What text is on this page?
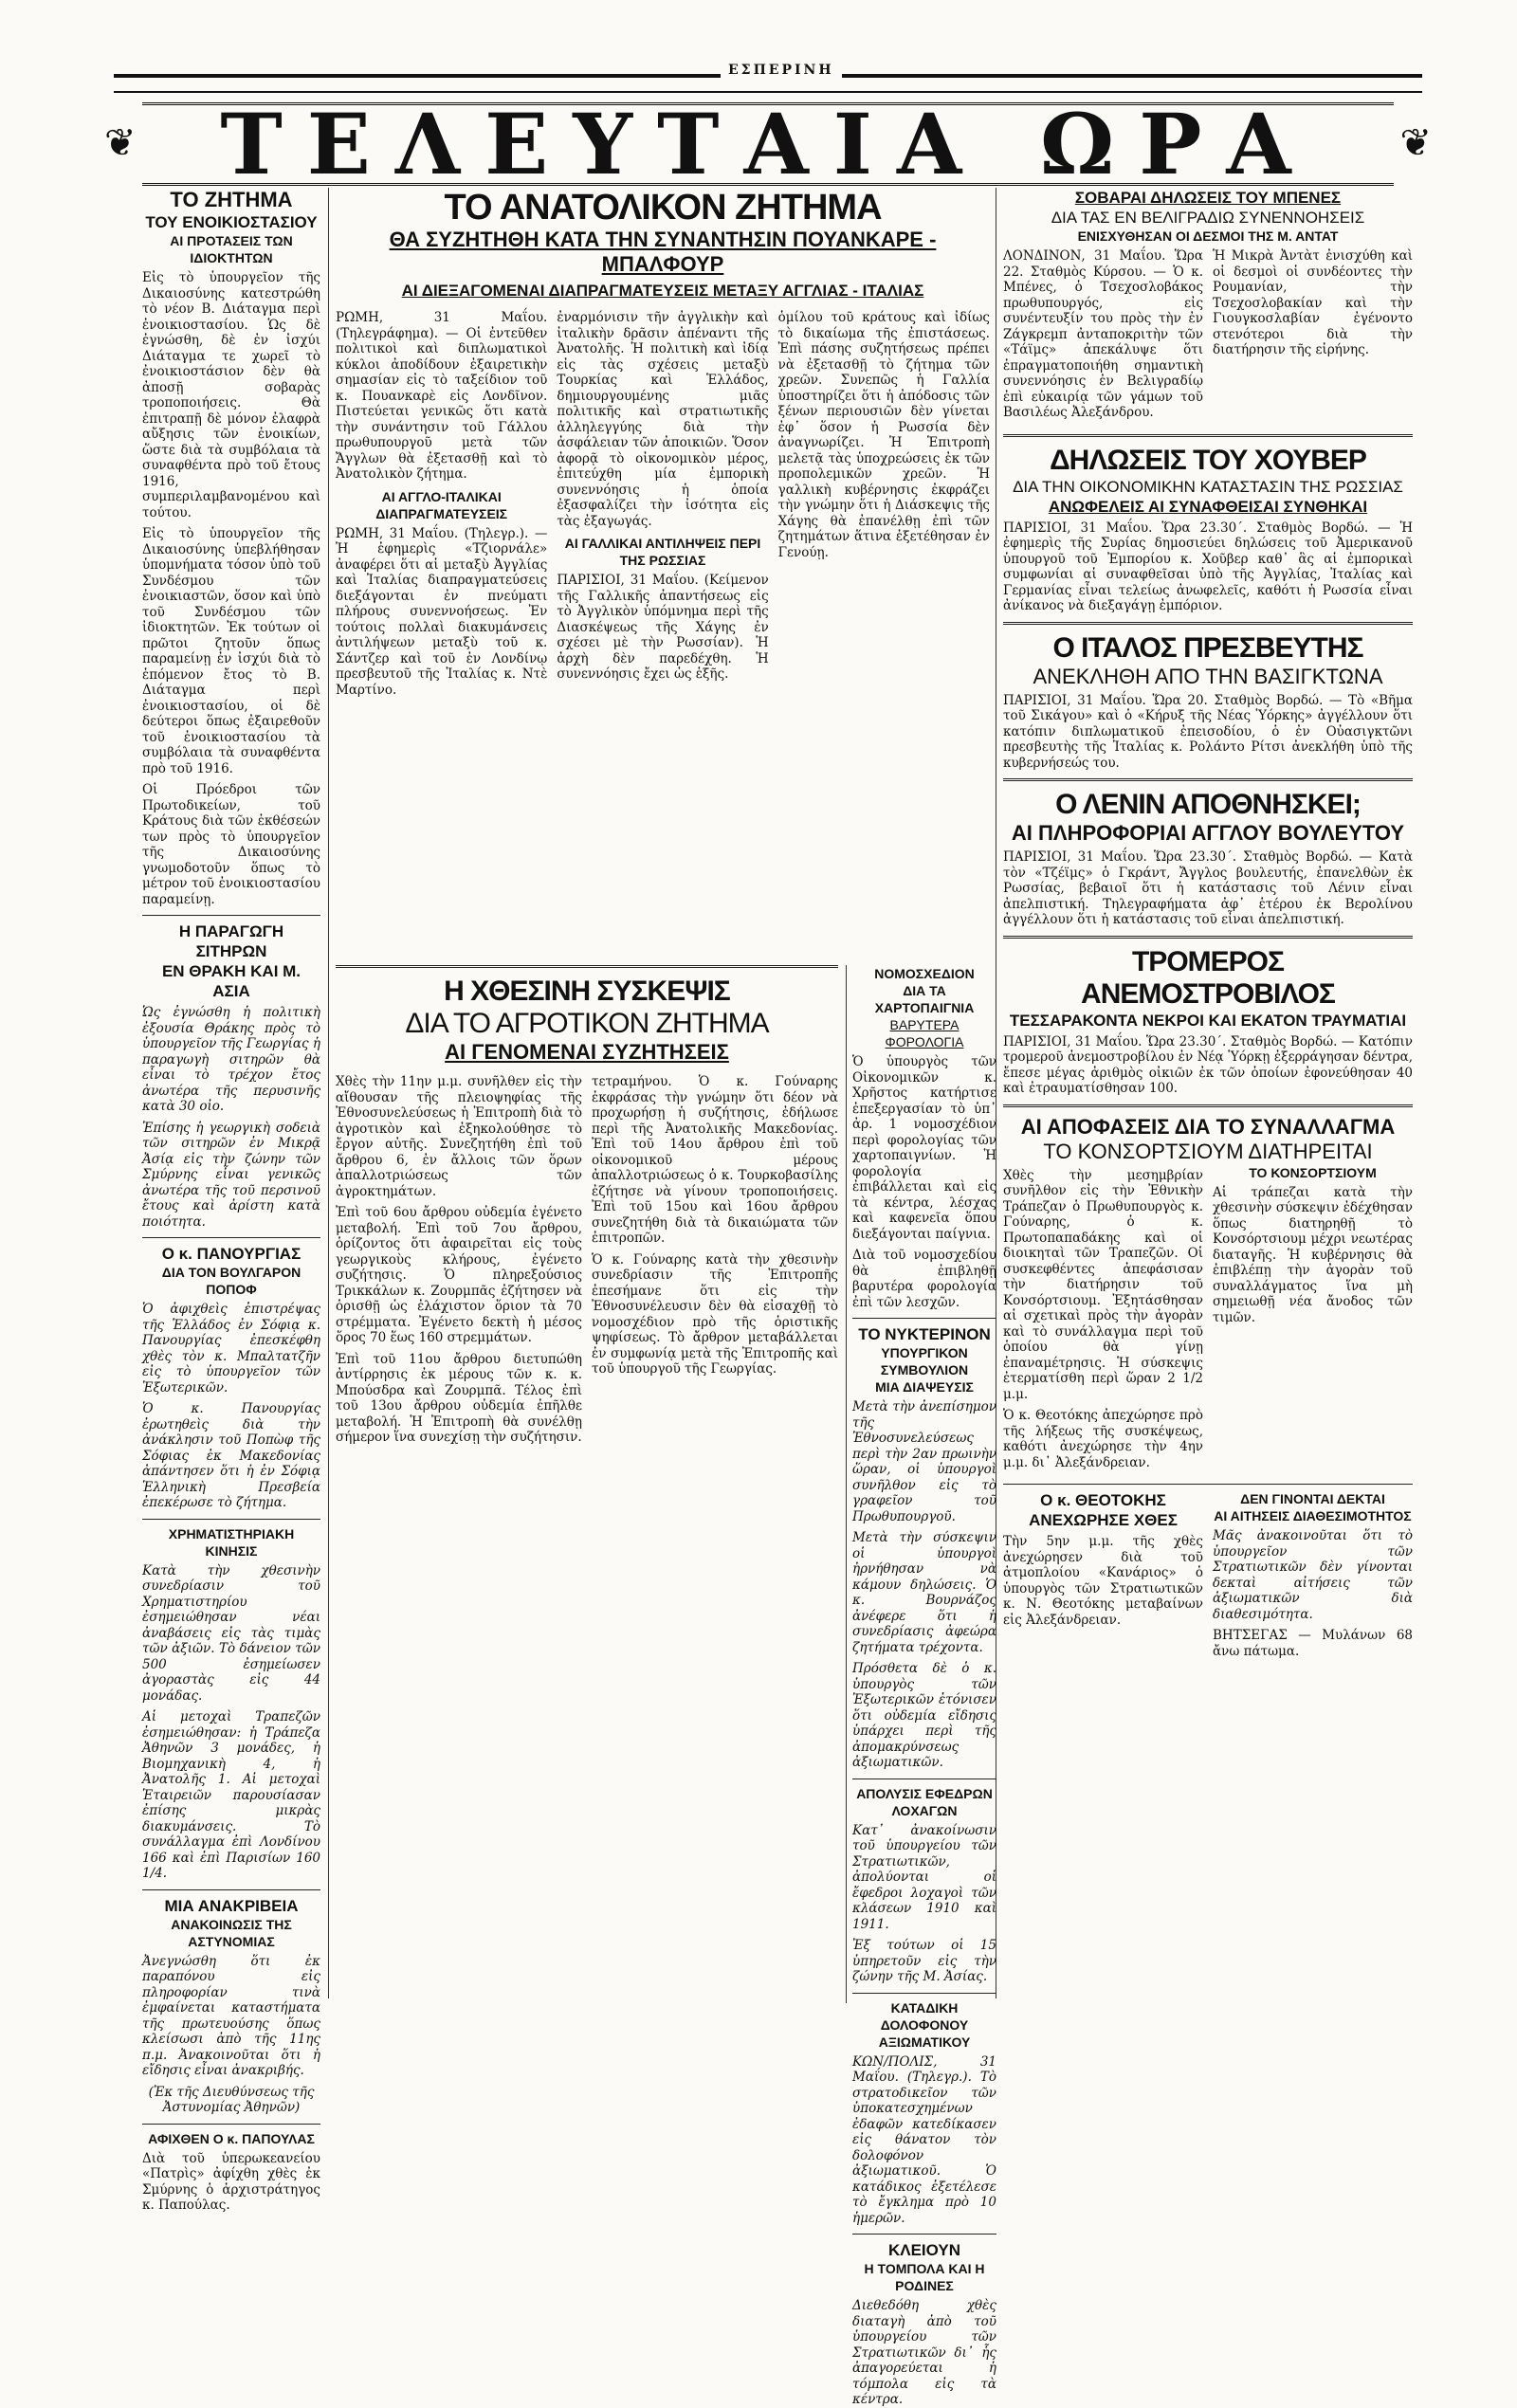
ΕΣΠΕΡΙΝΗ
❦	ΤΕΛΕΥΤΑΙΑ ΩΡΑ	❦
ΤΟ ΖΗΤΗΜΑ
ΤΟΥ ΕΝΟΙΚΙΟΣΤΑΣΙΟΥ
ΑΙ ΠΡΟΤΑΣΕΙΣ ΤΩΝ ΙΔΙΟΚΤΗΤΩΝ

Εἰς τὸ ὑπουργεῖον τῆς Δικαιοσύνης κατεστρώθη τὸ νέον Β. Διάταγμα περὶ ἐνοικιοστασίου. Ὡς δὲ ἐγνώσθη, δὲ ἐν ἰσχύι Διάταγμα τε χωρεῖ τὸ ἐνοικιοστάσιον δὲν θὰ ἀποσῇ σοβαρὰς τροποποιήσεις. Θὰ ἐπιτραπῇ δὲ μόνον ἐλαφρὰ αὔξησις τῶν ἐνοικίων, ὥστε διὰ τὰ συμβόλαια τὰ συναφθέντα πρὸ τοῦ ἔτους 1916, συμπεριλαμβανομένου καὶ τούτου.

Εἰς τὸ ὑπουργεῖον τῆς Δικαιοσύνης ὑπεβλήθησαν ὑπομνήματα τόσον ὑπὸ τοῦ Συνδέσμου τῶν ἐνοικιαστῶν, ὅσον καὶ ὑπὸ τοῦ Συνδέσμου τῶν ἰδιοκτητῶν. Ἐκ τούτων οἱ πρῶτοι ζητοῦν ὅπως παραμείνῃ ἐν ἰσχύι διὰ τὸ ἑπόμενον ἔτος τὸ Β. Διάταγμα περὶ ἐνοικιοστασίου, οἱ δὲ δεύτεροι ὅπως ἐξαιρεθοῦν τοῦ ἐνοικιοστασίου τὰ συμβόλαια τὰ συναφθέντα πρὸ τοῦ 1916.

Οἱ Πρόεδροι τῶν Πρωτοδικείων, τοῦ Κράτους διὰ τῶν ἐκθέσεών των πρὸς τὸ ὑπουργεῖον τῆς Δικαιοσύνης γνωμοδοτοῦν ὅπως τὸ μέτρον τοῦ ἐνοικιοστασίου παραμείνῃ.

Η ΠΑΡΑΓΩΓΗ ΣΙΤΗΡΩΝ
ΕΝ ΘΡΑΚΗ ΚΑΙ Μ. ΑΣΙΑ

Ὡς ἐγνώσθη ἡ πολιτικὴ ἐξουσία Θράκης πρὸς τὸ ὑπουργεῖον τῆς Γεωργίας ἡ παραγωγὴ σιτηρῶν θὰ εἶναι τὸ τρέχον ἔτος ἀνωτέρα τῆς περυσινῆς κατὰ 30 οἰο.

Ἐπίσης ἡ γεωργικὴ σοδειὰ τῶν σιτηρῶν ἐν Μικρᾷ Ἀσίᾳ εἰς τὴν ζώνην τῶν Σμύρνης εἶναι γενικῶς ἀνωτέρα τῆς τοῦ περσινοῦ ἔτους καὶ ἀρίστη κατὰ ποιότητα.

Ο κ. ΠΑΝΟΥΡΓΙΑΣ
ΔΙΑ ΤΟΝ ΒΟΥΛΓΑΡΟΝ ΠΟΠΟΦ

Ὁ ἀφιχθεὶς ἐπιστρέψας τῆς Ἑλλάδος ἐν Σόφιᾳ κ. Πανουργίας ἐπεσκέφθη χθὲς τὸν κ. Μπαλτατζῆν εἰς τὸ ὑπουργεῖον τῶν Ἐξωτερικῶν.

Ὁ κ. Πανουργίας ἐρωτηθεὶς διὰ τὴν ἀνάκλησιν τοῦ Ποπὼφ τῆς Σόφιας ἐκ Μακεδονίας ἀπάντησεν ὅτι ἡ ἐν Σόφιᾳ Ἑλληνικὴ Πρεσβεία ἐπεκέρωσε τὸ ζήτημα.

ΧΡΗΜΑΤΙΣΤΗΡΙΑΚΗ ΚΙΝΗΣΙΣ

Κατὰ τὴν χθεσινὴν συνεδρίασιν τοῦ Χρηματιστηρίου ἐσημειώθησαν νέαι ἀναβάσεις εἰς τὰς τιμὰς τῶν ἀξιῶν. Τὸ δάνειον τῶν 500 ἐσημείωσεν ἀγοραστὰς εἰς 44 μονάδας.

Αἱ μετοχαὶ Τραπεζῶν ἐσημειώθησαν: ἡ Τράπεζα Ἀθηνῶν 3 μονάδες, ἡ Βιομηχανικὴ 4, ἡ Ἀνατολῆς 1. Αἱ μετοχαὶ Ἑταιρειῶν παρουσίασαν ἐπίσης μικρὰς διακυμάνσεις. Τὸ συνάλλαγμα ἐπὶ Λονδίνου 166 καὶ ἐπὶ Παρισίων 160 1/4.

ΜΙΑ ΑΝΑΚΡΙΒΕΙΑ
ΑΝΑΚΟΙΝΩΣΙΣ ΤΗΣ ΑΣΤΥΝΟΜΙΑΣ

Ἀνεγνώσθη ὅτι ἐκ παραπόνου εἰς πληροφορίαν τινὰ ἐμφαίνεται καταστήματα τῆς πρωτευούσης ὅπως κλείσωσι ἀπὸ τῆς 11ης π.μ. Ἀνακοινοῦται ὅτι ἡ εἴδησις εἶναι ἀνακριβής.

(Ἐκ τῆς Διευθύνσεως τῆς Ἀστυνομίας Ἀθηνῶν)

ΑΦΙΧΘΕΝ Ο κ. ΠΑΠΟΥΛΑΣ

Διὰ τοῦ ὑπερωκεανείου «Πατρὶς» ἀφίχθη χθὲς ἐκ Σμύρνης ὁ ἀρχιστράτηγος κ. Παπούλας.

ΤΟ ΑΝΑΤΟΛΙΚΟΝ ΖΗΤΗΜΑ
ΘΑ ΣΥΖΗΤΗΘΗ ΚΑΤΑ ΤΗΝ ΣΥΝΑΝΤΗΣΙΝ ΠΟΥΑΝΚΑΡΕ - ΜΠΑΛΦΟΥΡ
ΑΙ ΔΙΕΞΑΓΟΜΕΝΑΙ ΔΙΑΠΡΑΓΜΑΤΕΥΣΕΙΣ ΜΕΤΑΞΥ ΑΓΓΛΙΑΣ - ΙΤΑΛΙΑΣ

ΡΩΜΗ, 31 Μαΐου. (Τηλεγράφημα). — Οἱ ἐντεῦθεν πολιτικοὶ καὶ διπλωματικοὶ κύκλοι ἀποδίδουν ἐξαιρετικὴν σημασίαν εἰς τὸ ταξείδιον τοῦ κ. Πουανκαρὲ εἰς Λονδῖνον. Πιστεύεται γενικῶς ὅτι κατὰ τὴν συνάντησιν τοῦ Γάλλου πρωθυπουργοῦ μετὰ τῶν Ἄγγλων θὰ ἐξετασθῇ καὶ τὸ Ἀνατολικὸν ζήτημα.

ΑΙ ΑΓΓΛΟ-ΙΤΑΛΙΚΑΙ ΔΙΑΠΡΑΓΜΑΤΕΥΣΕΙΣ

ΡΩΜΗ, 31 Μαΐου. (Τηλεγρ.). — Ἡ ἐφημερὶς «Τζιορνάλε» ἀναφέρει ὅτι αἱ μεταξὺ Ἀγγλίας καὶ Ἰταλίας διαπραγματεύσεις διεξάγονται ἐν πνεύματι πλήρους συνεννοήσεως. Ἐν τούτοις πολλαὶ διακυμάνσεις ἀντιλήψεων μεταξὺ τοῦ κ. Σάντζερ καὶ τοῦ ἐν Λονδίνῳ πρεσβευτοῦ τῆς Ἰταλίας κ. Ντὲ Μαρτίνο.

ἐναρμόνισιν τῆν ἀγγλικὴν καὶ ἰταλικὴν δρᾶσιν ἀπέναντι τῆς Ἀνατολῆς. Ἡ πολιτικὴ καὶ ἰδίᾳ εἰς τὰς σχέσεις μεταξὺ Τουρκίας καὶ Ἑλλάδος, δημιουργουμένης μιᾶς πολιτικῆς καὶ στρατιωτικῆς ἀλληλεγγύης διὰ τὴν ἀσφάλειαν τῶν ἀποικιῶν. Ὅσον ἀφορᾷ τὸ οἰκονομικὸν μέρος, ἐπιτεύχθη μία ἐμπορικὴ συνεννόησις ἡ ὁποία ἐξασφαλίζει τὴν ἰσότητα εἰς τὰς ἐξαγωγάς.

ΑΙ ΓΑΛΛΙΚΑΙ ΑΝΤΙΛΗΨΕΙΣ ΠΕΡΙ ΤΗΣ ΡΩΣΣΙΑΣ

ΠΑΡΙΣΙΟΙ, 31 Μαΐου. (Κείμενον τῆς Γαλλικῆς ἀπαντήσεως εἰς τὸ Ἀγγλικὸν ὑπόμνημα περὶ τῆς Διασκέψεως τῆς Χάγης ἐν σχέσει μὲ τὴν Ρωσσίαν). Ἡ ἀρχὴ δὲν παρεδέχθη. Ἡ συνεννόησις ἔχει ὡς ἑξῆς.

ὁμίλου τοῦ κράτους καὶ ἰδίως τὸ δικαίωμα τῆς ἐπιστάσεως. Ἐπὶ πάσης συζητήσεως πρέπει νὰ ἐξετασθῇ τὸ ζήτημα τῶν χρεῶν. Συνεπῶς ἡ Γαλλία ὑποστηρίζει ὅτι ἡ ἀπόδοσις τῶν ξένων περιουσιῶν δὲν γίνεται ἐφ᾽ ὅσον ἡ Ρωσσία δὲν ἀναγνωρίζει. Ἡ Ἑπιτροπὴ μελετᾷ τὰς ὑποχρεώσεις ἐκ τῶν προπολεμικῶν χρεῶν. Ἡ γαλλικὴ κυβέρνησις ἐκφράζει τὴν γνώμην ὅτι ἡ Διάσκεψις τῆς Χάγης θὰ ἐπανέλθῃ ἐπὶ τῶν ζητημάτων ἅτινα ἐξετέθησαν ἐν Γενούῃ.

Η ΧΘΕΣΙΝΗ ΣΥΣΚΕΨΙΣ
ΔΙΑ ΤΟ ΑΓΡΟΤΙΚΟΝ ΖΗΤΗΜΑ
ΑΙ ΓΕΝΟΜΕΝΑΙ ΣΥΖΗΤΗΣΕΙΣ

Χθὲς τὴν 11ην μ.μ. συνῆλθεν εἰς τὴν αἴθουσαν τῆς πλειοψηφίας τῆς Ἐθνοσυνελεύσεως ἡ Ἐπιτροπὴ διὰ τὸ ἀγροτικὸν καὶ ἐξηκολούθησε τὸ ἔργον αὐτῆς. Συνεζητήθη ἐπὶ τοῦ ἄρθρου 6, ἐν ἄλλοις τῶν ὅρων ἀπαλλοτριώσεως τῶν ἀγροκτημάτων.

Ἐπὶ τοῦ 6ου ἄρθρου οὐδεμία ἐγένετο μεταβολή. Ἐπὶ τοῦ 7ου ἄρθρου, ὁρίζοντος ὅτι ἀφαιρεῖται εἰς τοὺς γεωργικοὺς κλήρους, ἐγένετο συζήτησις. Ὁ πληρεξούσιος Τρικκάλων κ. Ζουρμπᾶς ἐζήτησεν νὰ ὁρισθῇ ὡς ἐλάχιστον ὅριον τὰ 70 στρέμματα. Ἐγένετο δεκτὴ ἡ μέσος ὅρος 70 ἕως 160 στρεμμάτων.

Ἐπὶ τοῦ 11ου ἄρθρου διετυπώθη ἀντίρρησις ἐκ μέρους τῶν κ. κ. Μπούσδρα καὶ Ζουρμπᾶ. Τέλος ἐπὶ τοῦ 13ου ἄρθρου οὐδεμία ἐπῆλθε μεταβολή. Ἡ Ἐπιτροπὴ θὰ συνέλθῃ σήμερον ἵνα συνεχίσῃ τὴν συζήτησιν.

τετραμήνου. Ὁ κ. Γούναρης ἐκφράσας τὴν γνώμην ὅτι δέον νὰ προχωρήσῃ ἡ συζήτησις, ἐδήλωσε περὶ τῆς Ἀνατολικῆς Μακεδονίας. Ἐπὶ τοῦ 14ου ἄρθρου ἐπὶ τοῦ οἰκονομικοῦ μέρους ἀπαλλοτριώσεως ὁ κ. Τουρκοβασίλης ἐζήτησε νὰ γίνουν τροποποιήσεις. Ἐπὶ τοῦ 15ου καὶ 16ου ἄρθρου συνεζητήθη διὰ τὰ δικαιώματα τῶν ἐπιτροπῶν.

Ὁ κ. Γούναρης κατὰ τὴν χθεσινὴν συνεδρίασιν τῆς Ἐπιτροπῆς ἐπεσήμανε ὅτι εἰς τὴν Ἐθνοσυνέλευσιν δὲν θὰ εἰσαχθῇ τὸ νομοσχέδιον πρὸ τῆς ὁριστικῆς ψηφίσεως. Τὸ ἄρθρον μεταβάλλεται ἐν συμφωνίᾳ μετὰ τῆς Ἐπιτροπῆς καὶ τοῦ ὑπουργοῦ τῆς Γεωργίας.

ΝΟΜΟΣΧΕΔΙΟΝ
ΔΙΑ ΤΑ ΧΑΡΤΟΠΑΙΓΝΙΑ
ΒΑΡΥΤΕΡΑ ΦΟΡΟΛΟΓΙΑ

Ὁ ὑπουργὸς τῶν Οἰκονομικῶν κ. Χρῆστος κατήρτισε ἐπεξεργασίαν τὸ ὑπ᾽ ἀρ. 1 νομοσχέδιον περὶ φορολογίας τῶν χαρτοπαιγνίων. Ἡ φορολογία ἐπιβάλλεται καὶ εἰς τὰ κέντρα, λέσχας καὶ καφενεῖα ὅπου διεξάγονται παίγνια.

Διὰ τοῦ νομοσχεδίου θὰ ἐπιβληθῇ βαρυτέρα φορολογία ἐπὶ τῶν λεσχῶν.

ΤΟ ΝΥΚΤΕΡΙΝΟΝ
ΥΠΟΥΡΓΙΚΟΝ ΣΥΜΒΟΥΛΙΟΝ
ΜΙΑ ΔΙΑΨΕΥΣΙΣ

Μετὰ τὴν ἀνεπίσημον τῆς Ἐθνοσυνελεύσεως περὶ τὴν 2αν πρωινὴν ὥραν, οἱ ὑπουργοὶ συνῆλθον εἰς τὸ γραφεῖον τοῦ Πρωθυπουργοῦ.

Μετὰ τὴν σύσκεψιν οἱ ὑπουργοὶ ἠρνήθησαν νὰ κάμουν δηλώσεις. Ὁ κ. Βουρνάζος ἀνέφερε ὅτι ἡ συνεδρίασις ἀφεώρα ζητήματα τρέχοντα.

Πρόσθετα δὲ ὁ κ. ὑπουργὸς τῶν Ἐξωτερικῶν ἐτόνισεν ὅτι οὐδεμία εἴδησις ὑπάρχει περὶ τῆς ἀπομακρύνσεως ἀξιωματικῶν.

ΑΠΟΛΥΣΙΣ ΕΦΕΔΡΩΝ ΛΟΧΑΓΩΝ

Κατ᾽ ἀνακοίνωσιν τοῦ ὑπουργείου τῶν Στρατιωτικῶν, ἀπολύονται οἱ ἔφεδροι λοχαγοὶ τῶν κλάσεων 1910 καὶ 1911.

Ἐξ τούτων οἱ 15 ὑπηρετοῦν εἰς τὴν ζώνην τῆς Μ. Ἀσίας.

ΚΑΤΑΔΙΚΗ
ΔΟΛΟΦΟΝΟΥ ΑΞΙΩΜΑΤΙΚΟΥ

ΚΩΝ/ΠΟΛΙΣ, 31 Μαΐου. (Τηλεγρ.). Τὸ στρατοδικεῖον τῶν ὑποκατεσχημένων ἐδαφῶν κατεδίκασεν εἰς θάνατον τὸν δολοφόνον ἀξιωματικοῦ. Ὁ κατάδικος ἐξετέλεσε τὸ ἔγκλημα πρὸ 10 ἡμερῶν.

ΚΛΕΙΟΥΝ
Η ΤΟΜΠΟΛΑ ΚΑΙ Η ΡΟΔΙΝΕΣ

Διεθεδόθη χθὲς διαταγὴ ἀπὸ τοῦ ὑπουργείου τῶν Στρατιωτικῶν δι᾽ ἧς ἀπαγορεύεται ἡ τόμπολα εἰς τὰ κέντρα.

ΣΟΒΑΡΑΙ ΔΗΛΩΣΕΙΣ ΤΟΥ ΜΠΕΝΕΣ
ΔΙΑ ΤΑΣ ΕΝ ΒΕΛΙΓΡΑΔΙΩ ΣΥΝΕΝΝΟΗΣΕΙΣ
ΕΝΙΣΧΥΘΗΣΑΝ ΟΙ ΔΕΣΜΟΙ ΤΗΣ Μ. ΑΝΤΑΤ

ΛΟΝΔΙΝΟΝ, 31 Μαΐου. Ὥρα 22. Σταθμὸς Κύρσου. — Ὁ κ. Μπένες, ὁ Τσεχοσλοβάκος πρωθυπουργός, εἰς συνέντευξίν του πρὸς τὴν ἐν Ζάγκρεμπ ἀνταποκριτὴν τῶν «Τάϊμς» ἀπεκάλυψε ὅτι ἐπραγματοποιήθη σημαντικὴ συνεννόησις ἐν Βελιγραδίῳ ἐπὶ εὐκαιρίᾳ τῶν γάμων τοῦ Βασιλέως Ἀλεξάνδρου.

Ἡ Μικρὰ Ἀντὰτ ἐνισχύθη καὶ οἱ δεσμοὶ οἱ συνδέοντες τὴν Ρουμανίαν, τὴν Τσεχοσλοβακίαν καὶ τὴν Γιουγκοσλαβίαν ἐγένοντο στενότεροι διὰ τὴν διατήρησιν τῆς εἰρήνης.

ΔΗΛΩΣΕΙΣ ΤΟΥ ΧΟΥΒΕΡ
ΔΙΑ ΤΗΝ ΟΙΚΟΝΟΜΙΚΗΝ ΚΑΤΑΣΤΑΣΙΝ ΤΗΣ ΡΩΣΣΙΑΣ
ΑΝΩΦΕΛΕΙΣ ΑΙ ΣΥΝΑΦΘΕΙΣΑΙ ΣΥΝΘΗΚΑΙ

ΠΑΡΙΣΙΟΙ, 31 Μαΐου. Ὥρα 23.30΄. Σταθμὸς Βορδώ. — Ἡ ἐφημερὶς τῆς Συρίας δημοσιεύει δηλώσεις τοῦ Ἀμερικανοῦ ὑπουργοῦ τοῦ Ἐμπορίου κ. Χοῦβερ καθ᾽ ἃς αἱ ἐμπορικαὶ συμφωνίαι αἱ συναφθεῖσαι ὑπὸ τῆς Ἀγγλίας, Ἰταλίας καὶ Γερμανίας εἶναι τελείως ἀνωφελεῖς, καθότι ἡ Ρωσσία εἶναι ἀνίκανος νὰ διεξαγάγῃ ἐμπόριον.

Ο ΙΤΑΛΟΣ ΠΡΕΣΒΕΥΤΗΣ
ΑΝΕΚΛΗΘΗ ΑΠΟ ΤΗΝ ΒΑΣΙΓΚΤΩΝΑ

ΠΑΡΙΣΙΟΙ, 31 Μαΐου. Ὥρα 20. Σταθμὸς Βορδώ. — Τὸ «Βῆμα τοῦ Σικάγου» καὶ ὁ «Κήρυξ τῆς Νέας Ὑόρκης» ἀγγέλλουν ὅτι κατόπιν διπλωματικοῦ ἐπεισοδίου, ὁ ἐν Οὐασιγκτῶνι πρεσβευτὴς τῆς Ἰταλίας κ. Ρολάντο Ρίτσι ἀνεκλήθη ὑπὸ τῆς κυβερνήσεώς του.

Ο ΛΕΝΙΝ ΑΠΟΘΝΗΣΚΕΙ;
ΑΙ ΠΛΗΡΟΦΟΡΙΑΙ ΑΓΓΛΟΥ ΒΟΥΛΕΥΤΟΥ

ΠΑΡΙΣΙΟΙ, 31 Μαΐου. Ὥρα 23.30΄. Σταθμὸς Βορδώ. — Κατὰ τὸν «Τζέϊμς» ὁ Γκράντ, Ἄγγλος βουλευτής, ἐπανελθὼν ἐκ Ρωσσίας, βεβαιοῖ ὅτι ἡ κατάστασις τοῦ Λένιν εἶναι ἀπελπιστική. Τηλεγραφήματα ἀφ᾽ ἑτέρου ἐκ Βερολίνου ἀγγέλλουν ὅτι ἡ κατάστασις τοῦ εἶναι ἀπελπιστική.

ΤΡΟΜΕΡΟΣ ΑΝΕΜΟΣΤΡΟΒΙΛΟΣ
ΤΕΣΣΑΡΑΚΟΝΤΑ ΝΕΚΡΟΙ ΚΑΙ ΕΚΑΤΟΝ ΤΡΑΥΜΑΤΙΑΙ

ΠΑΡΙΣΙΟΙ, 31 Μαΐου. Ὥρα 23.30΄. Σταθμὸς Βορδώ. — Κατόπιν τρομεροῦ ἀνεμοστροβίλου ἐν Νέᾳ Ὑόρκῃ ἐξερράγησαν δέντρα, ἔπεσε μέγας ἀριθμὸς οἰκιῶν ἐκ τῶν ὁποίων ἐφονεύθησαν 40 καὶ ἐτραυματίσθησαν 100.

ΑΙ ΑΠΟΦΑΣΕΙΣ ΔΙΑ ΤΟ ΣΥΝΑΛΛΑΓΜΑ
ΤΟ ΚΟΝΣΟΡΤΣΙΟΥΜ ΔΙΑΤΗΡΕΙΤΑΙ

Χθὲς τὴν μεσημβρίαν συνῆλθον εἰς τὴν Ἐθνικὴν Τράπεζαν ὁ Πρωθυπουργὸς κ. Γούναρης, ὁ κ. Πρωτοπαπαδάκης καὶ οἱ διοικηταὶ τῶν Τραπεζῶν. Οἱ συσκεφθέντες ἀπεφάσισαν τὴν διατήρησιν τοῦ Κονσόρτσιουμ. Ἐξητάσθησαν αἱ σχετικαὶ πρὸς τὴν ἀγορὰν καὶ τὸ συνάλλαγμα περὶ τοῦ ὁποίου θὰ γίνῃ ἐπαναμέτρησις. Ἡ σύσκεψις ἐτερματίσθη περὶ ὥραν 2 1/2 μ.μ.

Ὁ κ. Θεοτόκης ἀπεχώρησε πρὸ τῆς λήξεως τῆς συσκέψεως, καθότι ἀνεχώρησε τὴν 4ην μ.μ. δι᾽ Ἀλεξάνδρειαν.

ΤΟ ΚΟΝΣΟΡΤΣΙΟΥΜ

Αἱ τράπεζαι κατὰ τὴν χθεσινὴν σύσκεψιν ἐδέχθησαν ὅπως διατηρηθῇ τὸ Κονσόρτσιουμ μέχρι νεωτέρας διαταγῆς. Ἡ κυβέρνησις θὰ ἐπιβλέπῃ τὴν ἀγορὰν τοῦ συναλλάγματος ἵνα μὴ σημειωθῇ νέα ἄνοδος τῶν τιμῶν.

Ο κ. ΘΕΟΤΟΚΗΣ
ΑΝΕΧΩΡΗΣΕ ΧΘΕΣ

Τὴν 5ην μ.μ. τῆς χθὲς ἀνεχώρησεν διὰ τοῦ ἀτμοπλοίου «Κανάριος» ὁ ὑπουργὸς τῶν Στρατιωτικῶν κ. Ν. Θεοτόκης μεταβαίνων εἰς Ἀλεξάνδρειαν.

ΔΕΝ ΓΙΝΟΝΤΑΙ ΔΕΚΤΑΙ
ΑΙ ΑΙΤΗΣΕΙΣ ΔΙΑΘΕΣΙΜΟΤΗΤΟΣ

Μᾶς ἀνακοινοῦται ὅτι τὸ ὑπουργεῖον τῶν Στρατιωτικῶν δὲν γίνονται δεκταὶ αἰτήσεις τῶν ἀξιωματικῶν διὰ διαθεσιμότητα.

ΒΗΤΣΕΓΑΣ — Μυλάνων 68 ἄνω πάτωμα.
